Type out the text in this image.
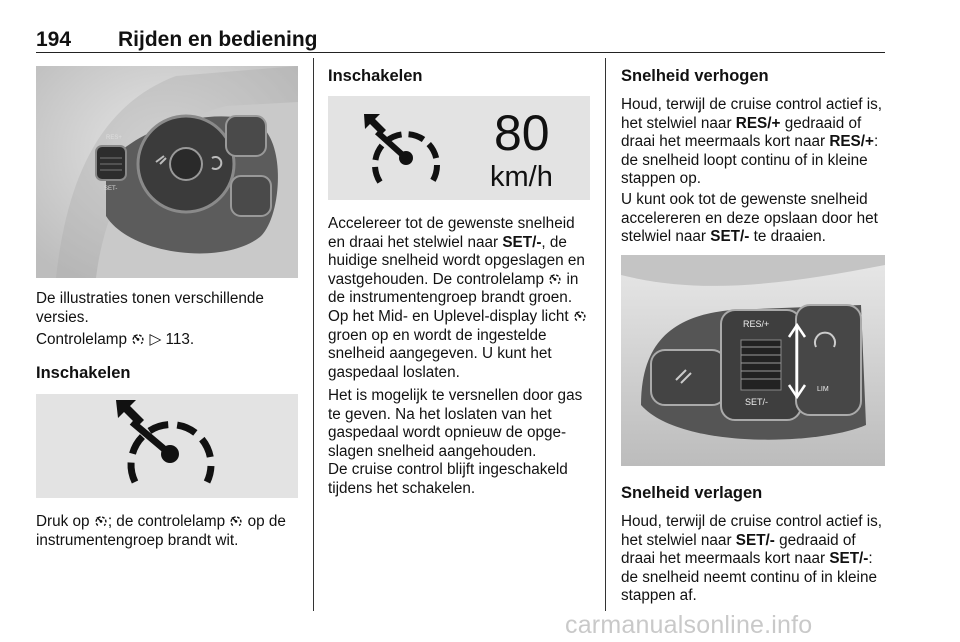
194 Rijden en bediening
RES+
SET-

De illustraties tonen verschillende versies.

Controlelamp ▷ 113.

Inschakelen

Druk op ; de controlelamp op de instrumentengroep brandt wit.

Inschakelen
80
km/h

Accelereer tot de gewenste snelheid en draai het stelwiel naar SET/-, de huidige snelheid wordt opgeslagen en vastgehouden. De controlelamp in de instrumentengroep brandt groen. Op het Mid- en Uplevel-display licht  groen op en wordt de ingestelde snelheid aangegeven. U kunt het gaspedaal loslaten.

Het is mogelijk te versnellen door gas te geven. Na het loslaten van het gaspedaal wordt opnieuw de opgeslagen snelheid aangehouden.

De cruise control blijft ingeschakeld tijdens het schakelen.

Snelheid verhogen

Houd, terwijl de cruise control actief is, het stelwiel naar RES/+ gedraaid of draai het meermaals kort naar RES/+: de snelheid loopt continu of in kleine stappen op.

U kunt ook tot de gewenste snelheid accelereren en deze opslaan door het stelwiel naar SET/- te draaien.

RES/+
SET/-
LIM
Snelheid verlagen

Houd, terwijl de cruise control actief is, het stelwiel naar SET/- gedraaid of draai het meermaals kort naar SET/-: de snelheid neemt continu of in kleine stappen af.

carmanualsonline.info
